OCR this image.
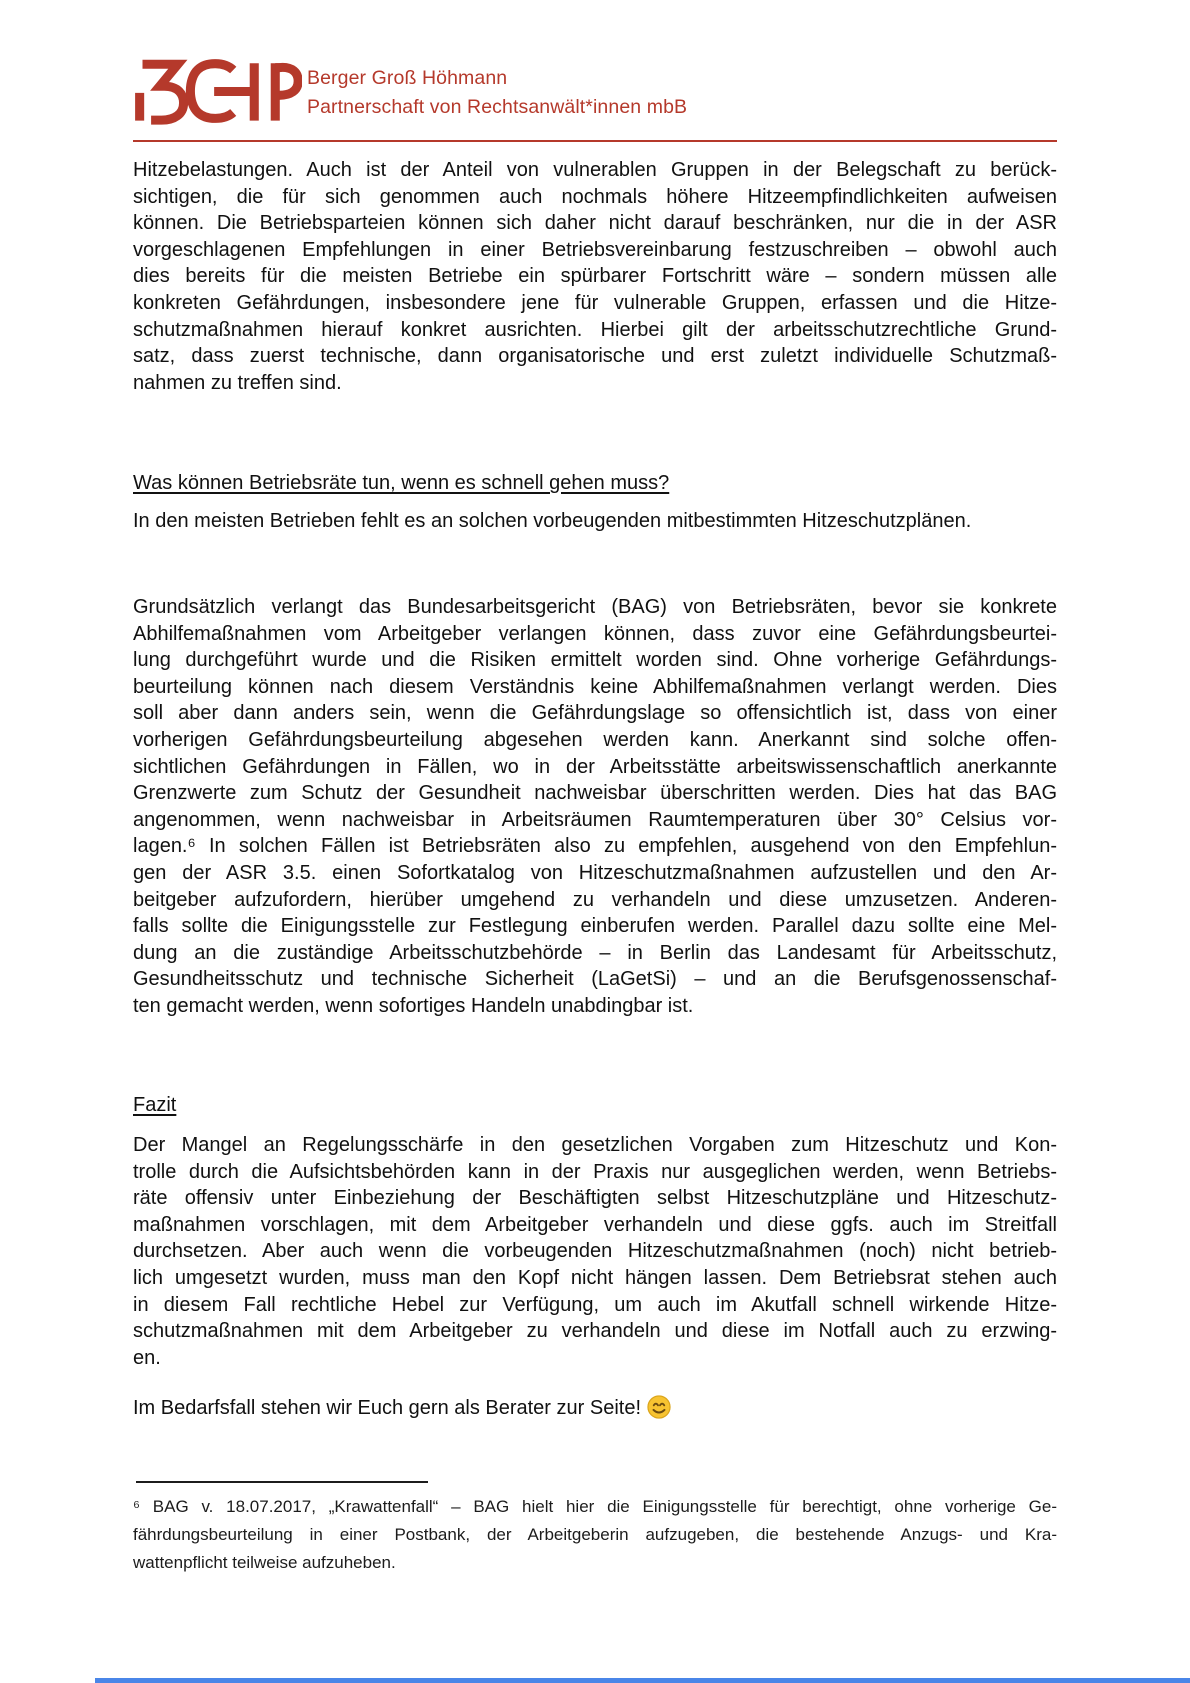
Berger Groß Höhmann
Partnerschaft von Rechtsanwält*innen mbB
Hitzebelastungen. Auch ist der Anteil von vulnerablen Gruppen in der Belegschaft zu berück-
sichtigen, die für sich genommen auch nochmals höhere Hitzeempfindlichkeiten aufweisen
können. Die Betriebsparteien können sich daher nicht darauf beschränken, nur die in der ASR
vorgeschlagenen Empfehlungen in einer Betriebsvereinbarung festzuschreiben – obwohl auch
dies bereits für die meisten Betriebe ein spürbarer Fortschritt wäre – sondern müssen alle
konkreten Gefährdungen, insbesondere jene für vulnerable Gruppen, erfassen und die Hitze-
schutzmaßnahmen hierauf konkret ausrichten. Hierbei gilt der arbeitsschutzrechtliche Grund-
satz, dass zuerst technische, dann organisatorische und erst zuletzt individuelle Schutzmaß-
nahmen zu treffen sind.
Was können Betriebsräte tun, wenn es schnell gehen muss?
In den meisten Betrieben fehlt es an solchen vorbeugenden mitbestimmten Hitzeschutzplänen.
Grundsätzlich verlangt das Bundesarbeitsgericht (BAG) von Betriebsräten, bevor sie konkrete
Abhilfemaßnahmen vom Arbeitgeber verlangen können, dass zuvor eine Gefährdungsbeurtei-
lung durchgeführt wurde und die Risiken ermittelt worden sind. Ohne vorherige Gefährdungs-
beurteilung können nach diesem Verständnis keine Abhilfemaßnahmen verlangt werden. Dies
soll aber dann anders sein, wenn die Gefährdungslage so offensichtlich ist, dass von einer
vorherigen Gefährdungsbeurteilung abgesehen werden kann. Anerkannt sind solche offen-
sichtlichen Gefährdungen in Fällen, wo in der Arbeitsstätte arbeitswissenschaftlich anerkannte
Grenzwerte zum Schutz der Gesundheit nachweisbar überschritten werden. Dies hat das BAG
angenommen, wenn nachweisbar in Arbeitsräumen Raumtemperaturen über 30° Celsius vor-
lagen.⁶ In solchen Fällen ist Betriebsräten also zu empfehlen, ausgehend von den Empfehlun-
gen der ASR 3.5. einen Sofortkatalog von Hitzeschutzmaßnahmen aufzustellen und den Ar-
beitgeber aufzufordern, hierüber umgehend zu verhandeln und diese umzusetzen. Anderen-
falls sollte die Einigungsstelle zur Festlegung einberufen werden. Parallel dazu sollte eine Mel-
dung an die zuständige Arbeitsschutzbehörde – in Berlin das Landesamt für Arbeitsschutz,
Gesundheitsschutz und technische Sicherheit (LaGetSi) – und an die Berufsgenossenschaf-
ten gemacht werden, wenn sofortiges Handeln unabdingbar ist.
Fazit
Der Mangel an Regelungsschärfe in den gesetzlichen Vorgaben zum Hitzeschutz und Kon-
trolle durch die Aufsichtsbehörden kann in der Praxis nur ausgeglichen werden, wenn Betriebs-
räte offensiv unter Einbeziehung der Beschäftigten selbst Hitzeschutzpläne und Hitzeschutz-
maßnahmen vorschlagen, mit dem Arbeitgeber verhandeln und diese ggfs. auch im Streitfall
durchsetzen. Aber auch wenn die vorbeugenden Hitzeschutzmaßnahmen (noch) nicht betrieb-
lich umgesetzt wurden, muss man den Kopf nicht hängen lassen. Dem Betriebsrat stehen auch
in diesem Fall rechtliche Hebel zur Verfügung, um auch im Akutfall schnell wirkende Hitze-
schutzmaßnahmen mit dem Arbeitgeber zu verhandeln und diese im Notfall auch zu erzwing-
en.
Im Bedarfsfall stehen wir Euch gern als Berater zur Seite!
⁶ BAG v. 18.07.2017, „Krawattenfall“ – BAG hielt hier die Einigungsstelle für berechtigt, ohne vorherige Ge-
fährdungsbeurteilung in einer Postbank, der Arbeitgeberin aufzugeben, die bestehende Anzugs- und Kra-
wattenpflicht teilweise aufzuheben.
